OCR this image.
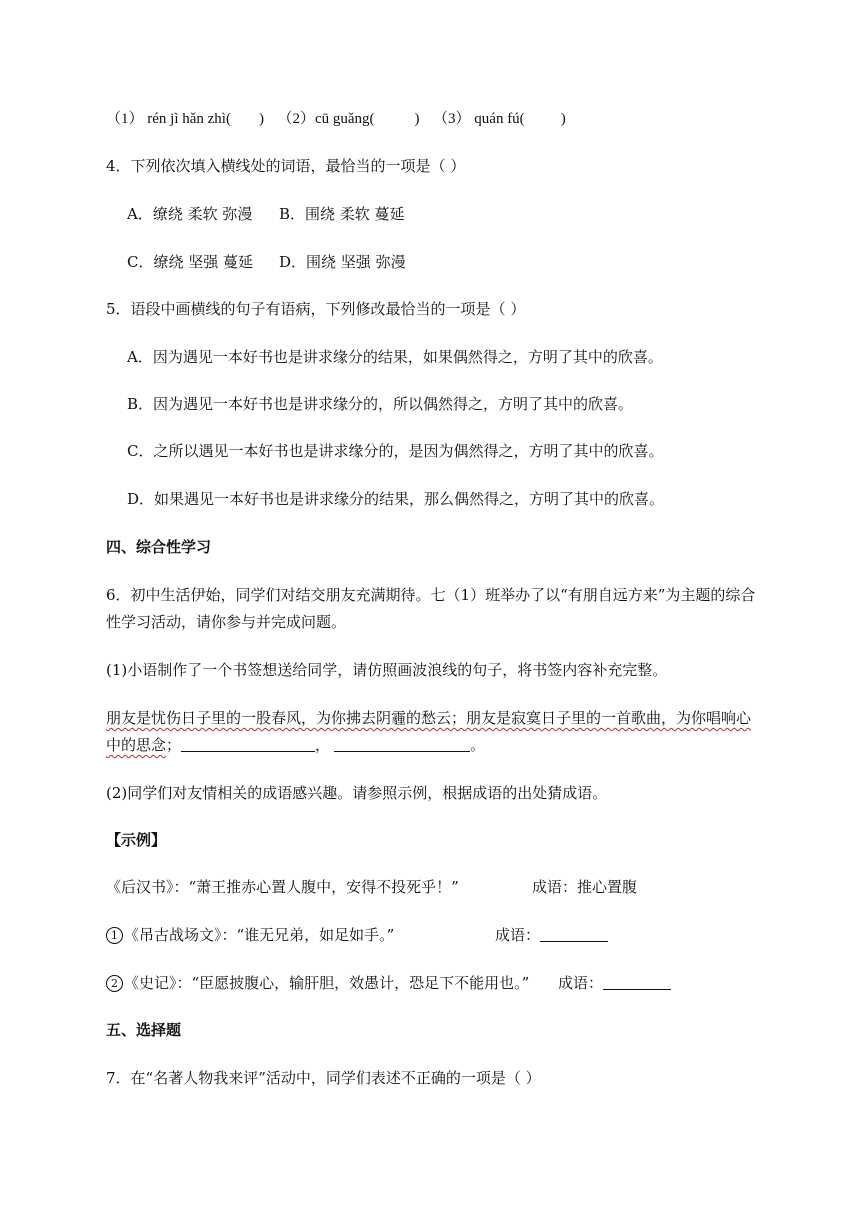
（1） rén jì hǎn zhì( ) （2）cū guǎng(	) （3） quán fú( )
4．下列依次填入横线处的词语，最恰当的一项是（ ）
A．缭绕 柔软 弥漫 B．围绕 柔软 蔓延
C．缭绕 坚强 蔓延 D．围绕 坚强 弥漫
5．语段中画横线的句子有语病，下列修改最恰当的一项是（ ）
A．因为遇见一本好书也是讲求缘分的结果，如果偶然得之，方明了其中的欣喜。
B．因为遇见一本好书也是讲求缘分的，所以偶然得之，方明了其中的欣喜。
C．之所以遇见一本好书也是讲求缘分的，是因为偶然得之，方明了其中的欣喜。
D．如果遇见一本好书也是讲求缘分的结果，那么偶然得之，方明了其中的欣喜。
四、综合性学习
6．初中生活伊始，同学们对结交朋友充满期待。七（1）班举办了以“有朋自远方来”为主题的综合
性学习活动，请你参与并完成问题。
(1)小语制作了一个书签想送给同学，请仿照画波浪线的句子，将书签内容补充完整。
朋友是忧伤日子里的一股春风，为你拂去阴霾的愁云；朋友是寂寞日子里的一首歌曲，为你唱响心
中的思念；	，	。
(2)同学们对友情相关的成语感兴趣。请参照示例，根据成语的出处猜成语。
【示例】
《后汉书》：“萧王推赤心置人腹中，安得不投死乎！”	成语：推心置腹
1 《吊古战场文》：“谁无兄弟，如足如手。”	成语：
2 《史记》：“臣愿披腹心，输肝胆，效愚计，恐足下不能用也。” 成语：
五、选择题
7．在“名著人物我来评”活动中，同学们表述不正确的一项是（ ）
